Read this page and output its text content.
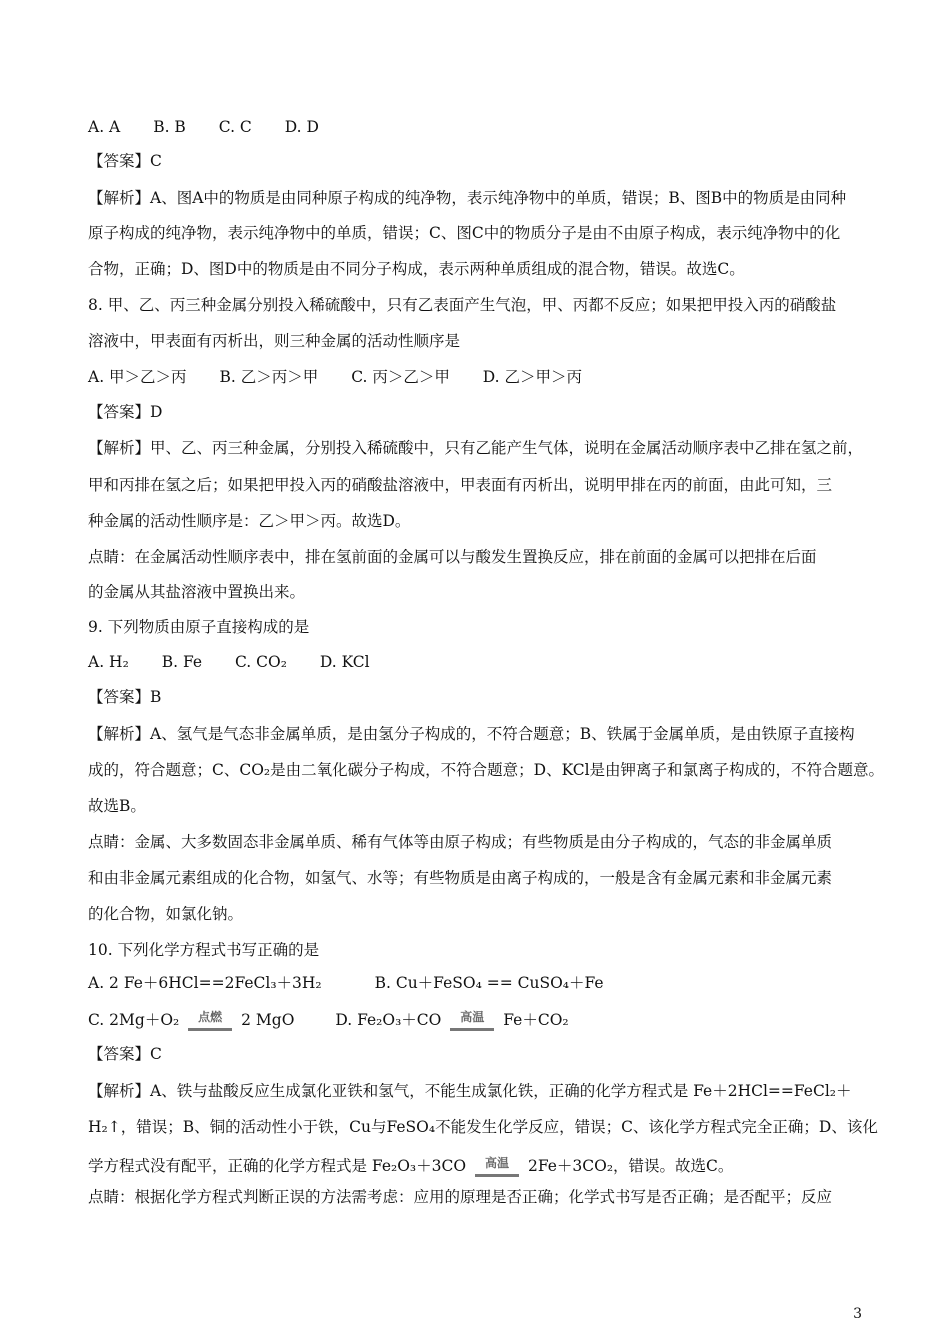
A. A B. B C. C D. D
【答案】C
【解析】A、图A中的物质是由同种原子构成的纯净物，表示纯净物中的单质，错误；B、图B中的物质是由同种
原子构成的纯净物，表示纯净物中的单质，错误；C、图C中的物质分子是由不由原子构成，表示纯净物中的化
合物，正确；D、图D中的物质是由不同分子构成，表示两种单质组成的混合物，错误。故选C。
8. 甲、乙、丙三种金属分别投入稀硫酸中，只有乙表面产生气泡，甲、丙都不反应；如果把甲投入丙的硝酸盐
溶液中，甲表面有丙析出，则三种金属的活动性顺序是
A. 甲＞乙＞丙 B. 乙＞丙＞甲 C. 丙＞乙＞甲 D. 乙＞甲＞丙
【答案】D
【解析】甲、乙、丙三种金属，分别投入稀硫酸中，只有乙能产生气体，说明在金属活动顺序表中乙排在氢之前，
甲和丙排在氢之后；如果把甲投入丙的硝酸盐溶液中，甲表面有丙析出，说明甲排在丙的前面，由此可知，三
种金属的活动性顺序是：乙＞甲＞丙。故选D。
点睛：在金属活动性顺序表中，排在氢前面的金属可以与酸发生置换反应，排在前面的金属可以把排在后面
的金属从其盐溶液中置换出来。
9. 下列物质由原子直接构成的是
A. H₂ B. Fe C. CO₂ D. KCl
【答案】B
【解析】A、氢气是气态非金属单质，是由氢分子构成的，不符合题意；B、铁属于金属单质，是由铁原子直接构
成的，符合题意；C、CO₂是由二氧化碳分子构成，不符合题意；D、KCl是由钾离子和氯离子构成的，不符合题意。
故选B。
点睛：金属、大多数固态非金属单质、稀有气体等由原子构成；有些物质是由分子构成的，气态的非金属单质
和由非金属元素组成的化合物，如氢气、水等；有些物质是由离子构成的，一般是含有金属元素和非金属元素
的化合物，如氯化钠。
10. 下列化学方程式书写正确的是
A. 2 Fe＋6HCl==2FeCl₃＋3H₂	B. Cu＋FeSO₄ == CuSO₄＋Fe
C. 2Mg＋O₂ 点燃 2 MgO	D. Fe₂O₃＋CO 高温 Fe＋CO₂
【答案】C
【解析】A、铁与盐酸反应生成氯化亚铁和氢气，不能生成氯化铁，正确的化学方程式是 Fe＋2HCl==FeCl₂＋
H₂↑，错误；B、铜的活动性小于铁，Cu与FeSO₄不能发生化学反应，错误；C、该化学方程式完全正确；D、该化
学方程式没有配平，正确的化学方程式是 Fe₂O₃＋3CO 高温 2Fe＋3CO₂，错误。故选C。
点睛：根据化学方程式判断正误的方法需考虑：应用的原理是否正确；化学式书写是否正确；是否配平；反应
3
